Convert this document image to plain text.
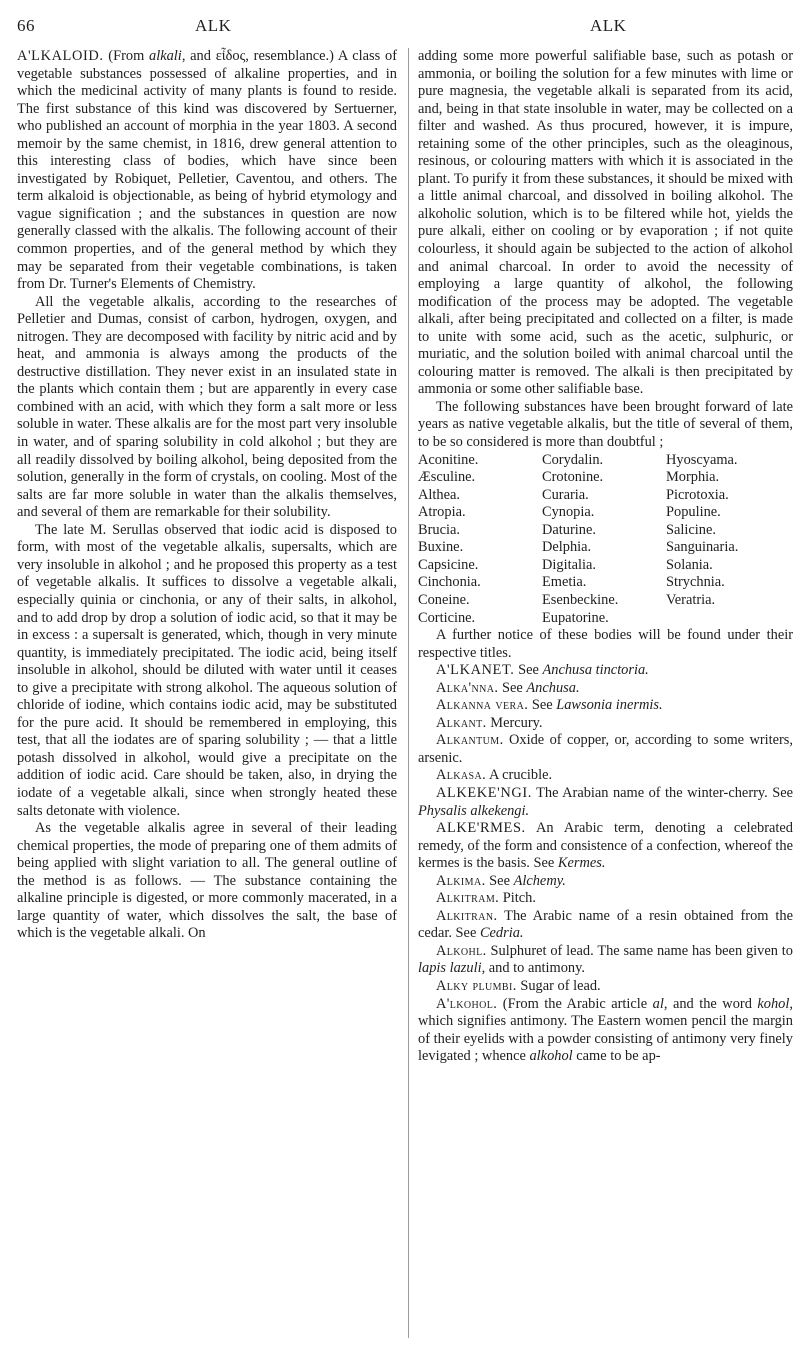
66	ALK	ALK

A'LKALOID. (From alkali, and εἶδος, resemblance.) A class of vegetable substances possessed of alkaline properties, and in which the medicinal activity of many plants is found to reside. The first substance of this kind was discovered by Sertuerner, who published an account of morphia in the year 1803. A second memoir by the same chemist, in 1816, drew general attention to this interesting class of bodies, which have since been investigated by Robiquet, Pelletier, Caventou, and others. The term alkaloid is objectionable, as being of hybrid etymology and vague signification ; and the substances in question are now generally classed with the alkalis. The following account of their common properties, and of the general method by which they may be separated from their vegetable combinations, is taken from Dr. Turner's Elements of Chemistry.

All the vegetable alkalis, according to the researches of Pelletier and Dumas, consist of carbon, hydrogen, oxygen, and nitrogen. They are decomposed with facility by nitric acid and by heat, and ammonia is always among the products of the destructive distillation. They never exist in an insulated state in the plants which contain them ; but are apparently in every case combined with an acid, with which they form a salt more or less soluble in water. These alkalis are for the most part very insoluble in water, and of sparing solubility in cold alkohol ; but they are all readily dissolved by boiling alkohol, being deposited from the solution, generally in the form of crystals, on cooling. Most of the salts are far more soluble in water than the alkalis themselves, and several of them are remarkable for their solubility.

The late M. Serullas observed that iodic acid is disposed to form, with most of the vegetable alkalis, supersalts, which are very insoluble in alkohol ; and he proposed this property as a test of vegetable alkalis. It suffices to dissolve a vegetable alkali, especially quinia or cinchonia, or any of their salts, in alkohol, and to add drop by drop a solution of iodic acid, so that it may be in excess : a supersalt is generated, which, though in very minute quantity, is immediately precipitated. The iodic acid, being itself insoluble in alkohol, should be diluted with water until it ceases to give a precipitate with strong alkohol. The aqueous solution of chloride of iodine, which contains iodic acid, may be substituted for the pure acid. It should be remembered in employing, this test, that all the iodates are of sparing solubility ; — that a little potash dissolved in alkohol, would give a precipitate on the addition of iodic acid. Care should be taken, also, in drying the iodate of a vegetable alkali, since when strongly heated these salts detonate with violence.

As the vegetable alkalis agree in several of their leading chemical properties, the mode of preparing one of them admits of being applied with slight variation to all. The general outline of the method is as follows. — The substance containing the alkaline principle is digested, or more commonly macerated, in a large quantity of water, which dissolves the salt, the base of which is the vegetable alkali. On

adding some more powerful salifiable base, such as potash or ammonia, or boiling the solution for a few minutes with lime or pure magnesia, the vegetable alkali is separated from its acid, and, being in that state insoluble in water, may be collected on a filter and washed. As thus procured, however, it is impure, retaining some of the other principles, such as the oleaginous, resinous, or colouring matters with which it is associated in the plant. To purify it from these substances, it should be mixed with a little animal charcoal, and dissolved in boiling alkohol. The alkoholic solution, which is to be filtered while hot, yields the pure alkali, either on cooling or by evaporation ; if not quite colourless, it should again be subjected to the action of alkohol and animal charcoal. In order to avoid the necessity of employing a large quantity of alkohol, the following modification of the process may be adopted. The vegetable alkali, after being precipitated and collected on a filter, is made to unite with some acid, such as the acetic, sulphuric, or muriatic, and the solution boiled with animal charcoal until the colouring matter is removed. The alkali is then precipitated by ammonia or some other salifiable base.

The following substances have been brought forward of late years as native vegetable alkalis, but the title of several of them, to be so considered is more than doubtful ;

Aconitine.	Corydalin.	Hyoscyama.
Æsculine.	Crotonine.	Morphia.
Althea.	Curaria.	Picrotoxia.
Atropia.	Cynopia.	Populine.
Brucia.	Daturine.	Salicine.
Buxine.	Delphia.	Sanguinaria.
Capsicine.	Digitalia.	Solania.
Cinchonia.	Emetia.	Strychnia.
Coneine.	Esenbeckine.	Veratria.
Corticine.	Eupatorine.

A further notice of these bodies will be found under their respective titles.

A'LKANET. See Anchusa tinctoria.

Alka'nna. See Anchusa.

Alkanna vera. See Lawsonia inermis.

Alkant. Mercury.

Alkantum. Oxide of copper, or, according to some writers, arsenic.

Alkasa. A crucible.

ALKEKE'NGI. The Arabian name of the winter-cherry. See Physalis alkekengi.

ALKE'RMES. An Arabic term, denoting a celebrated remedy, of the form and consistence of a confection, whereof the kermes is the basis. See Kermes.

Alkima. See Alchemy.

Alkitram. Pitch.

Alkitran. The Arabic name of a resin obtained from the cedar. See Cedria.

Alkohl. Sulphuret of lead. The same name has been given to lapis lazuli, and to antimony.

Alky plumbi. Sugar of lead.

A'lkohol. (From the Arabic article al, and the word kohol, which signifies antimony. The Eastern women pencil the margin of their eyelids with a powder consisting of antimony very finely levigated ; whence alkohol came to be ap-
